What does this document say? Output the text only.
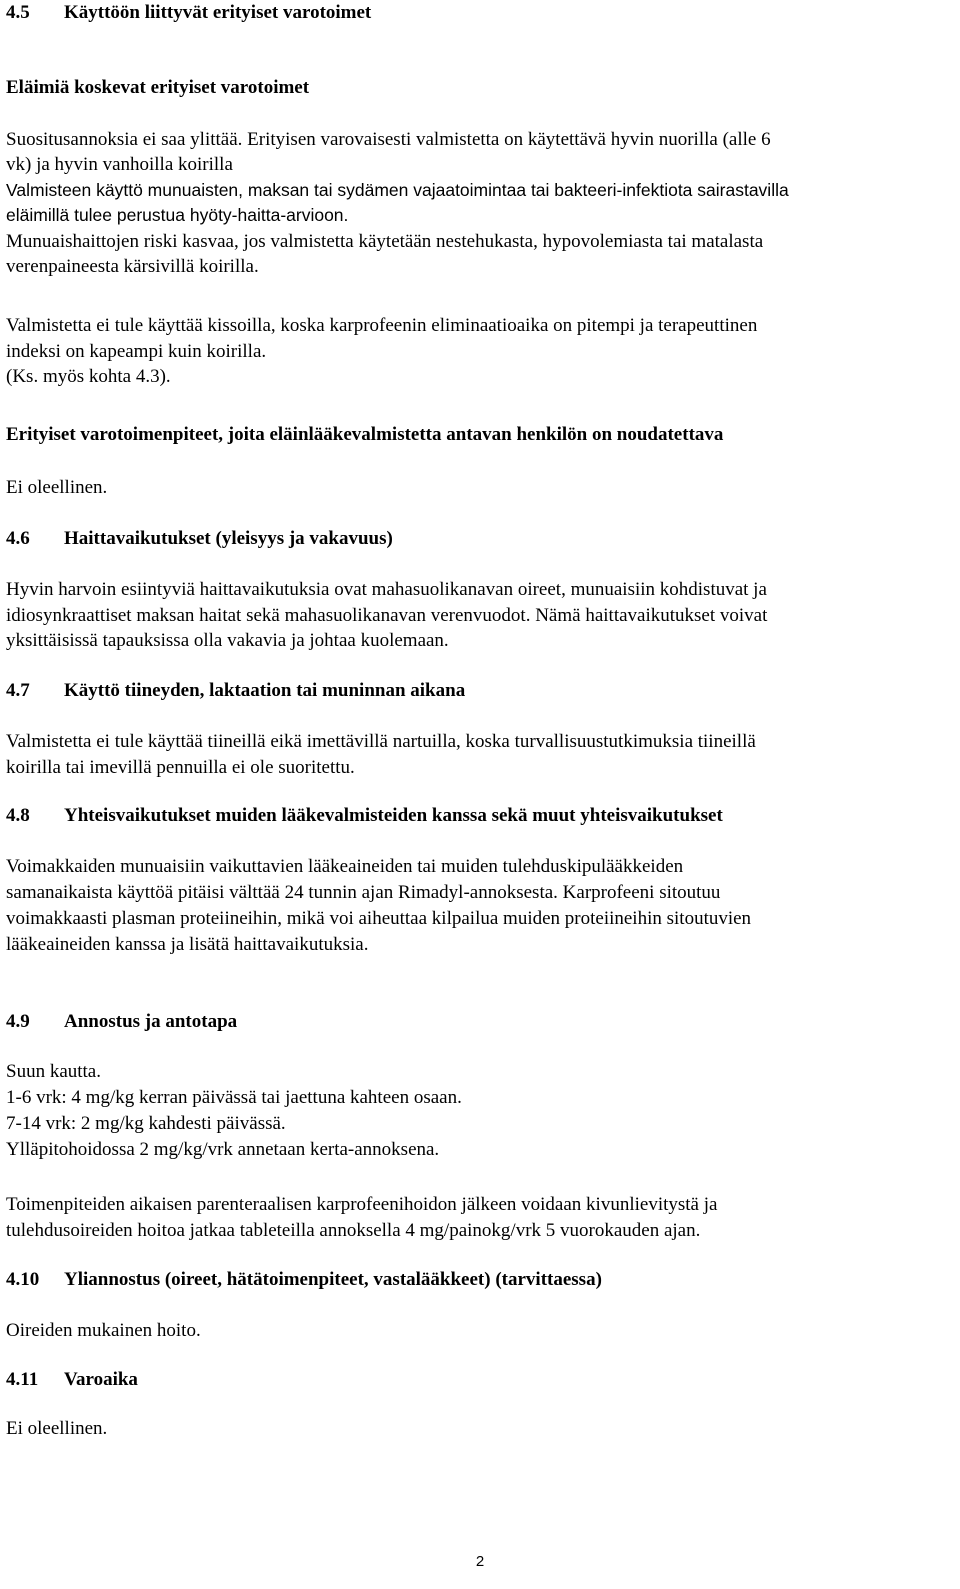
4.5 Käyttöön liittyvät erityiset varotoimet
Eläimiä koskevat erityiset varotoimet
Suositusannoksia ei saa ylittää. Erityisen varovaisesti valmistetta on käytettävä hyvin nuorilla (alle 6
vk) ja hyvin vanhoilla koirilla
Valmisteen käyttö munuaisten, maksan tai sydämen vajaatoimintaa tai bakteeri-infektiota sairastavilla
eläimillä tulee perustua hyöty-haitta-arvioon.
Munuaishaittojen riski kasvaa, jos valmistetta käytetään nestehukasta, hypovolemiasta tai matalasta
verenpaineesta kärsivillä koirilla.
Valmistetta ei tule käyttää kissoilla, koska karprofeenin eliminaatioaika on pitempi ja terapeuttinen
indeksi on kapeampi kuin koirilla.
(Ks. myös kohta 4.3).
Erityiset varotoimenpiteet, joita eläinlääkevalmistetta antavan henkilön on noudatettava
Ei oleellinen.
4.6 Haittavaikutukset (yleisyys ja vakavuus)
Hyvin harvoin esiintyviä haittavaikutuksia ovat mahasuolikanavan oireet, munuaisiin kohdistuvat ja
idiosynkraattiset maksan haitat sekä mahasuolikanavan verenvuodot. Nämä haittavaikutukset voivat
yksittäisissä tapauksissa olla vakavia ja johtaa kuolemaan.
4.7 Käyttö tiineyden, laktaation tai muninnan aikana
Valmistetta ei tule käyttää tiineillä eikä imettävillä nartuilla, koska turvallisuustutkimuksia tiineillä
koirilla tai imevillä pennuilla ei ole suoritettu.
4.8 Yhteisvaikutukset muiden lääkevalmisteiden kanssa sekä muut yhteisvaikutukset
Voimakkaiden munuaisiin vaikuttavien lääkeaineiden tai muiden tulehduskipulääkkeiden
samanaikaista käyttöä pitäisi välttää 24 tunnin ajan Rimadyl-annoksesta. Karprofeeni sitoutuu
voimakkaasti plasman proteiineihin, mikä voi aiheuttaa kilpailua muiden proteiineihin sitoutuvien
lääkeaineiden kanssa ja lisätä haittavaikutuksia.
4.9 Annostus ja antotapa
Suun kautta.
1-6 vrk: 4 mg/kg kerran päivässä tai jaettuna kahteen osaan.
7-14 vrk: 2 mg/kg kahdesti päivässä.
Ylläpitohoidossa 2 mg/kg/vrk annetaan kerta-annoksena.
Toimenpiteiden aikaisen parenteraalisen karprofeenihoidon jälkeen voidaan kivunlievitystä ja
tulehdusoireiden hoitoa jatkaa tableteilla annoksella 4 mg/painokg/vrk 5 vuorokauden ajan.
4.10 Yliannostus (oireet, hätätoimenpiteet, vastalääkkeet) (tarvittaessa)
Oireiden mukainen hoito.
4.11 Varoaika
Ei oleellinen.
2
